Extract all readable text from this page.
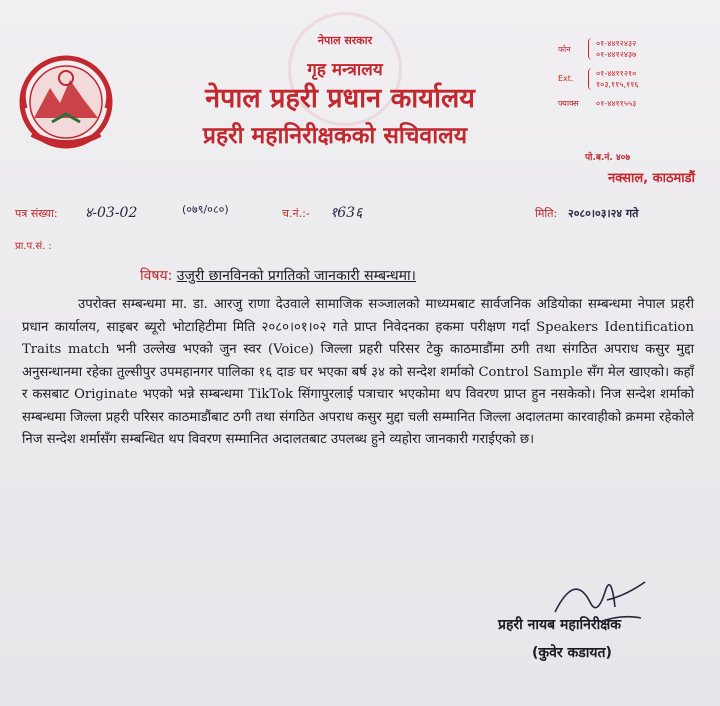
नेपाल सरकार
गृह मन्त्रालय
नेपाल प्रहरी प्रधान कार्यालय
प्रहरी महानिरीक्षकको सचिवालय
फोन
०१-४४१२४३२
०१-४४१२४३७
Ext.
०१-४४११२१०
१०३,११५,११६
फ्याक्स ०१-४४११५५३
पो.ब.नं. ४०७
नक्साल, काठमाडौं
पत्र संख्या: ४-03-02	(०७९/०८०)	च.नं.:- १63६	मिति: २०८०।०३।२४ गते
प्रा.प.सं. :
विषय: उजुरी छानविनको प्रगतिको जानकारी सम्बन्धमा।
उपरोक्त सम्बन्धमा मा. डा. आरजु राणा देउवाले सामाजिक सञ्जालको माध्यमबाट सार्वजनिक अडियोका सम्बन्धमा नेपाल प्रहरी प्रधान कार्यालय, साइबर ब्यूरो भोटाहिटीमा मिति २०८०।०१।०२ गते प्राप्त निवेदनका हकमा परीक्षण गर्दा Speakers Identification Traits match भनी उल्लेख भएको जुन स्वर (Voice) जिल्ला प्रहरी परिसर टेकु काठमाडौंमा ठगी तथा संगठित अपराध कसुर मुद्दा अनुसन्धानमा रहेका तुल्सीपुर उपमहानगर पालिका १६ दाङ घर भएका बर्ष ३४ को सन्देश शर्माको Control Sample सँग मेल खाएको। कहाँ र कसबाट Originate भएको भन्ने सम्बन्धमा TikTok सिंगापुरलाई पत्राचार भएकोमा थप विवरण प्राप्त हुन नसकेको। निज सन्देश शर्माको सम्बन्धमा जिल्ला प्रहरी परिसर काठमाडौंबाट ठगी तथा संगठित अपराध कसुर मुद्दा चली सम्मानित जिल्ला अदालतमा कारवाहीको क्रममा रहेकोले निज सन्देश शर्मासँग सम्बन्धित थप विवरण सम्मानित अदालतबाट उपलब्ध हुने व्यहोरा जानकारी गराईएको छ।
प्रहरी नायब महानिरीक्षक
(कुवेर कडायत)
